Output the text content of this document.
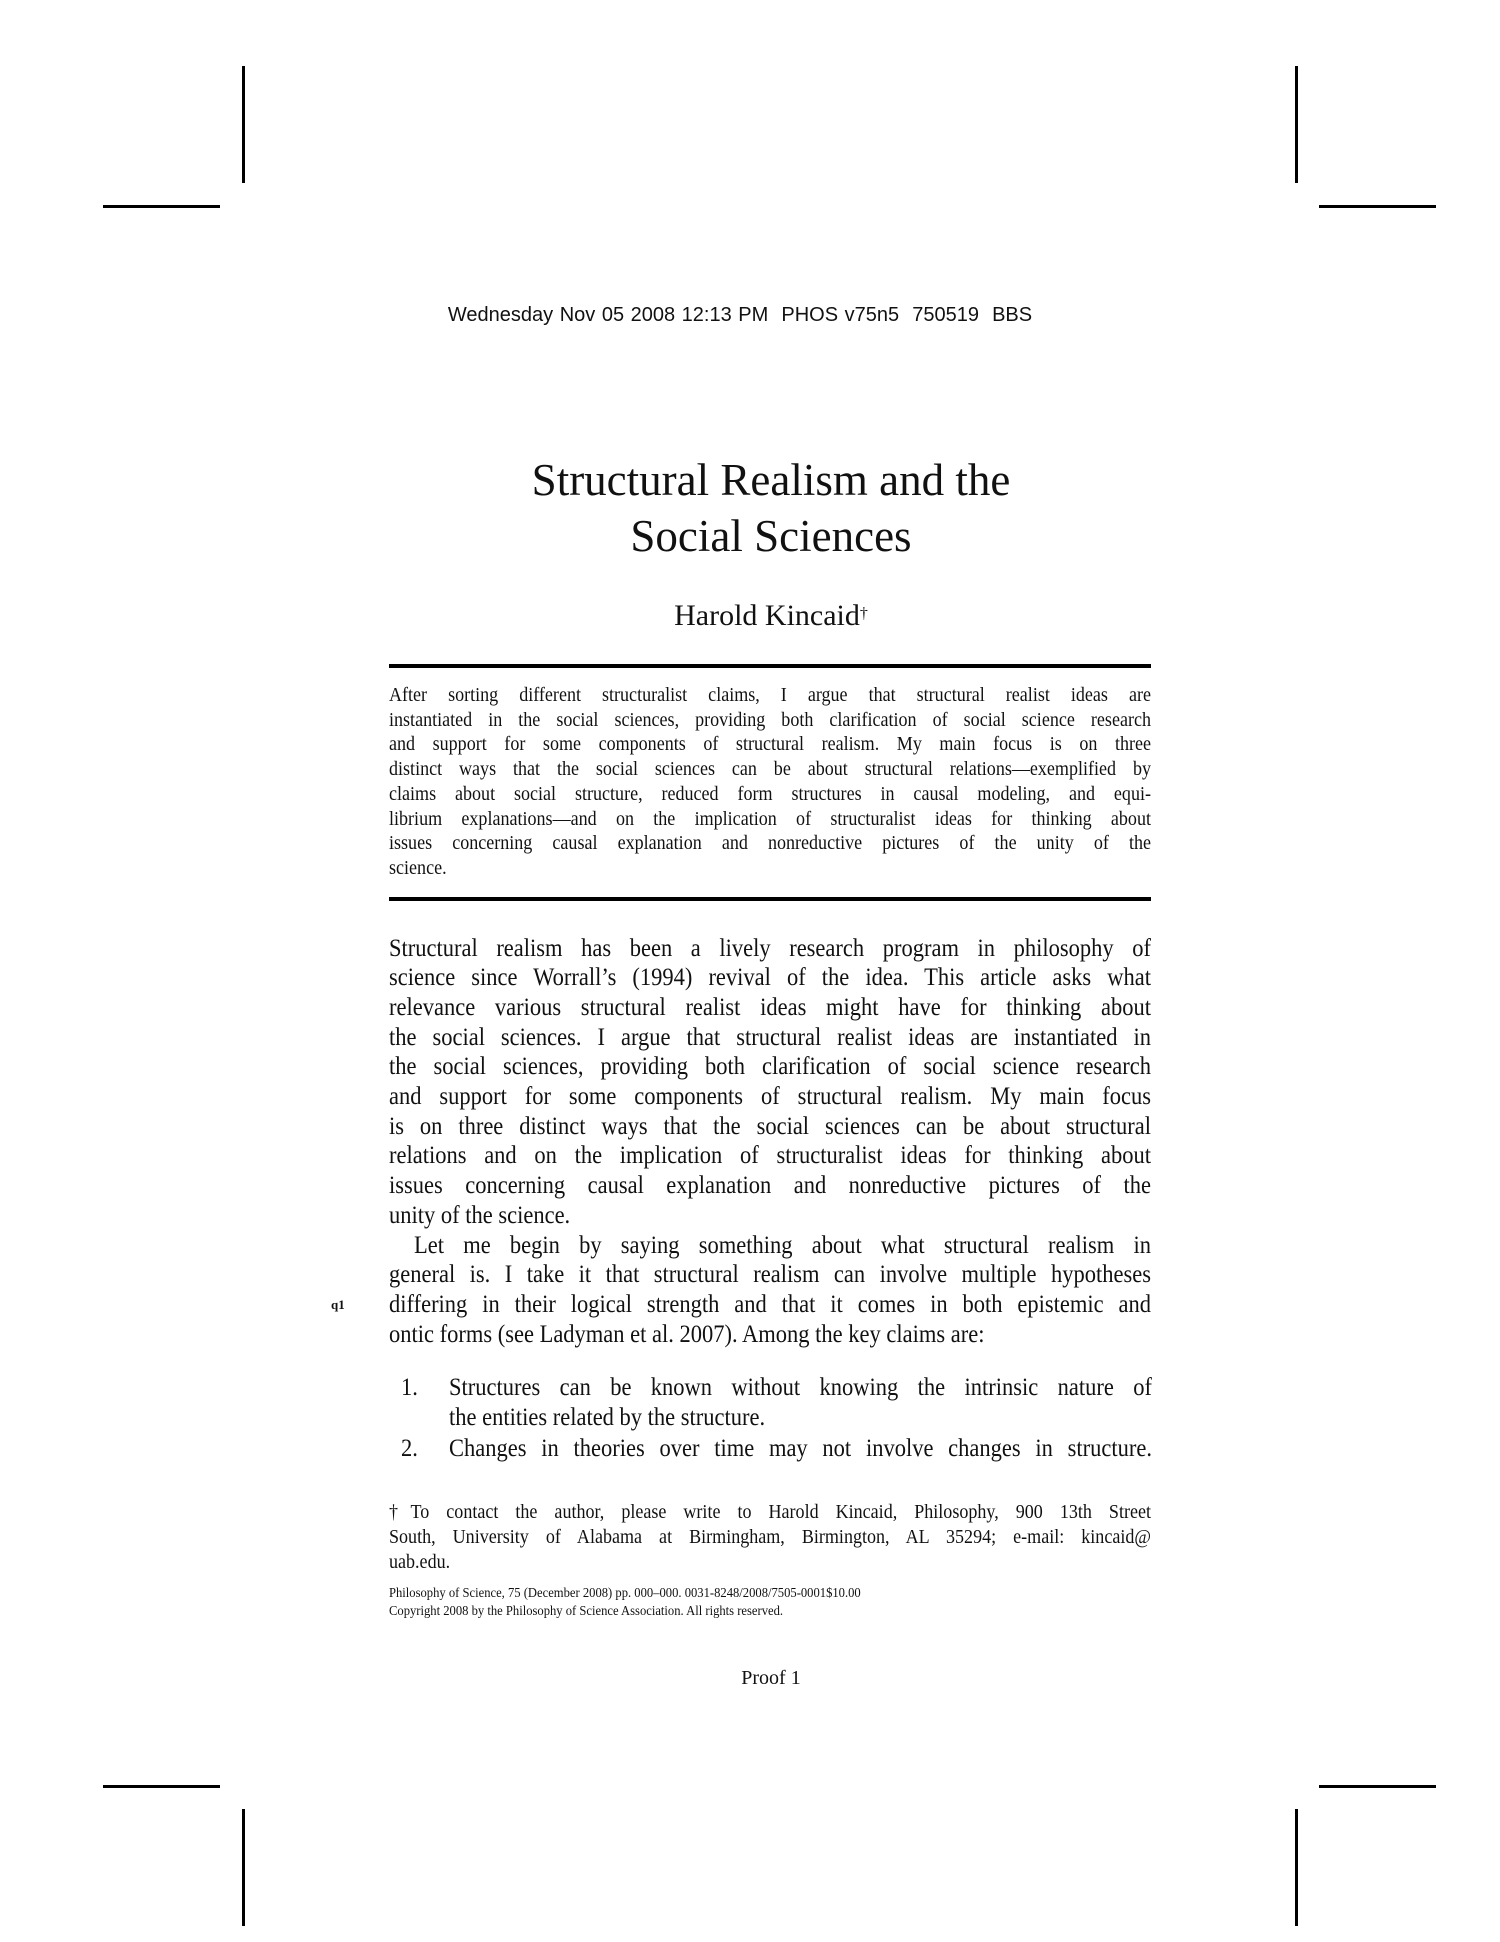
Wednesday Nov 05 2008 12:13 PM  PHOS v75n5  750519  BBS
Structural Realism and the
Social Sciences
Harold Kincaid†
After sorting different structuralist claims, I argue that structural realist ideas are
instantiated in the social sciences, providing both clarification of social science research
and support for some components of structural realism. My main focus is on three
distinct ways that the social sciences can be about structural relations—exemplified by
claims about social structure, reduced form structures in causal modeling, and equi-
librium explanations—and on the implication of structuralist ideas for thinking about
issues concerning causal explanation and nonreductive pictures of the unity of the
science.
Structural realism has been a lively research program in philosophy of
science since Worrall’s (1994) revival of the idea. This article asks what
relevance various structural realist ideas might have for thinking about
the social sciences. I argue that structural realist ideas are instantiated in
the social sciences, providing both clarification of social science research
and support for some components of structural realism. My main focus
is on three distinct ways that the social sciences can be about structural
relations and on the implication of structuralist ideas for thinking about
issues concerning causal explanation and nonreductive pictures of the
unity of the science.
Let me begin by saying something about what structural realism in
general is. I take it that structural realism can involve multiple hypotheses
differing in their logical strength and that it comes in both epistemic and
ontic forms (see Ladyman et al. 2007). Among the key claims are:
1.	Structures can be known without knowing the intrinsic nature of
the entities related by the structure.
2.	Changes in theories over time may not involve changes in structure.
†To contact the author, please write to Harold Kincaid, Philosophy, 900 13th Street
South, University of Alabama at Birmingham, Birmington, AL 35294; e-mail: kincaid@
uab.edu.
Philosophy of Science, 75 (December 2008) pp. 000–000. 0031-8248/2008/7505-0001$10.00
Copyright 2008 by the Philosophy of Science Association. All rights reserved.
q1
Proof 1
